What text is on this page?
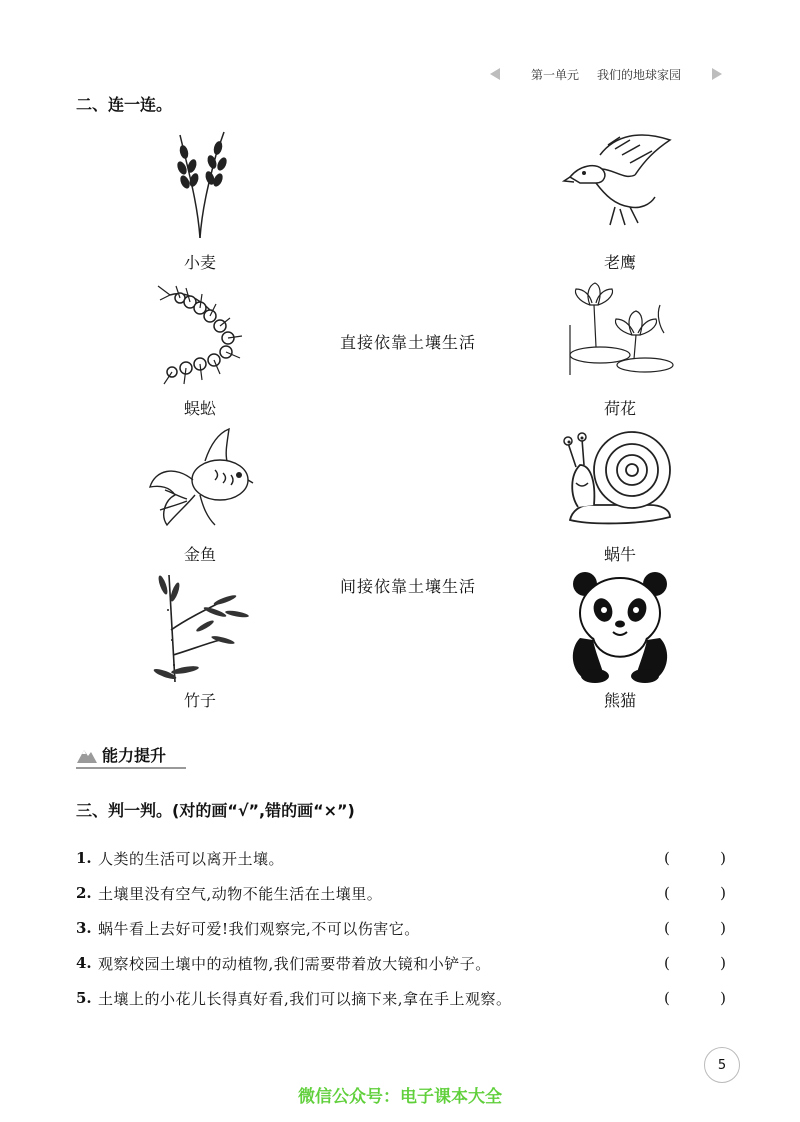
第一单元 我们的地球家园
二、连一连。
小麦	老鹰
蜈蚣
直接依靠土壤生活
荷花
金鱼	蜗牛
间接依靠土壤生活
竹子	熊猫
能力提升
三、判一判。(对的画“√”,错的画“×”)
1. 人类的生活可以离开土壤。	(	)
2. 土壤里没有空气,动物不能生活在土壤里。	(	)
3. 蜗牛看上去好可爱!我们观察完,不可以伤害它。	(	)
4. 观察校园土壤中的动植物,我们需要带着放大镜和小铲子。	(	)
5. 土壤上的小花儿长得真好看,我们可以摘下来,拿在手上观察。	(	)
5
微信公众号：电子课本大全
